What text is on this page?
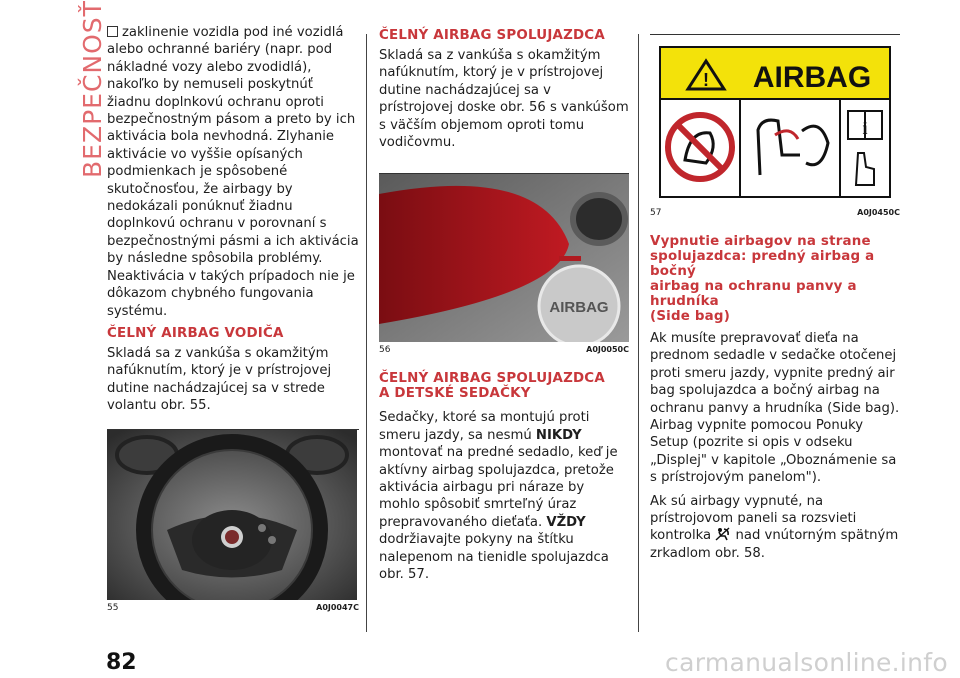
BEZPEČNOSŤ	zaklinenie vozidla pod iné vozidlá alebo ochranné bariéry (napr. pod nákladné vozy alebo zvodidlá), nakoľko by nemuseli poskytnúť žiadnu doplnkovú ochranu oproti bezpečnostným pásom a preto by ich aktivácia bola nevhodná. Zlyhanie aktivácie vo vyššie opísaných podmienkach je spôsobené skutočnosťou, že airbagy by nedokázali ponúknuť žiadnu doplnkovú ochranu v porovnaní s bezpečnostnými pásmi a ich aktivácia by následne spôsobila problémy. Neaktivácia v takých prípadoch nie je dôkazom chybného fungovania systému.

ČELNÝ AIRBAG VODIČA

Skladá sa z vankúša s okamžitým nafúknutím, ktorý je v prístrojovej dutine nachádzajúcej sa v strede volantu obr. 55.

55	A0J0047C
ČELNÝ AIRBAG SPOLUJAZDCA

Skladá sa z vankúša s okamžitým nafúknutím, ktorý je v prístrojovej dutine nachádzajúcej sa v prístrojovej doske obr. 56 s vankúšom s väčším objemom oproti tomu vodičovmu.

AIRBAG
56	A0J0050C
ČELNÝ AIRBAG SPOLUJAZDCA
A DETSKÉ SEDAČKY

Sedačky, ktoré sa montujú proti smeru jazdy, sa nesmú NIKDY montovať na predné sedadlo, keď je aktívny airbag spolujazdca, pretože aktivácia airbagu pri náraze by mohlo spôsobiť smrteľný úraz prepravovaného dieťaťa. VŽDY dodržiavajte pokyny na štítku nalepenom na tienidle spolujazdca obr. 57.

! AIRBAG
i
57	A0J0450C
Vypnutie airbagov na strane
spolujazdca: predný airbag a bočný
airbag na ochranu panvy a hrudníka
(Side bag)

Ak musíte prepravovať dieťa na prednom sedadle v sedačke otočenej proti smeru jazdy, vypnite predný air bag spolujazdca a bočný airbag na ochranu panvy a hrudníka (Side bag). Airbag vypnite pomocou Ponuky Setup (pozrite si opis v odseku „Displej" v kapitole „Oboznámenie sa s prístrojovým panelom").

Ak sú airbagy vypnuté, na prístrojovom paneli sa rozsvieti kontrolka  nad vnútorným spätným zrkadlom obr. 58.

82	carmanualsonline.info
